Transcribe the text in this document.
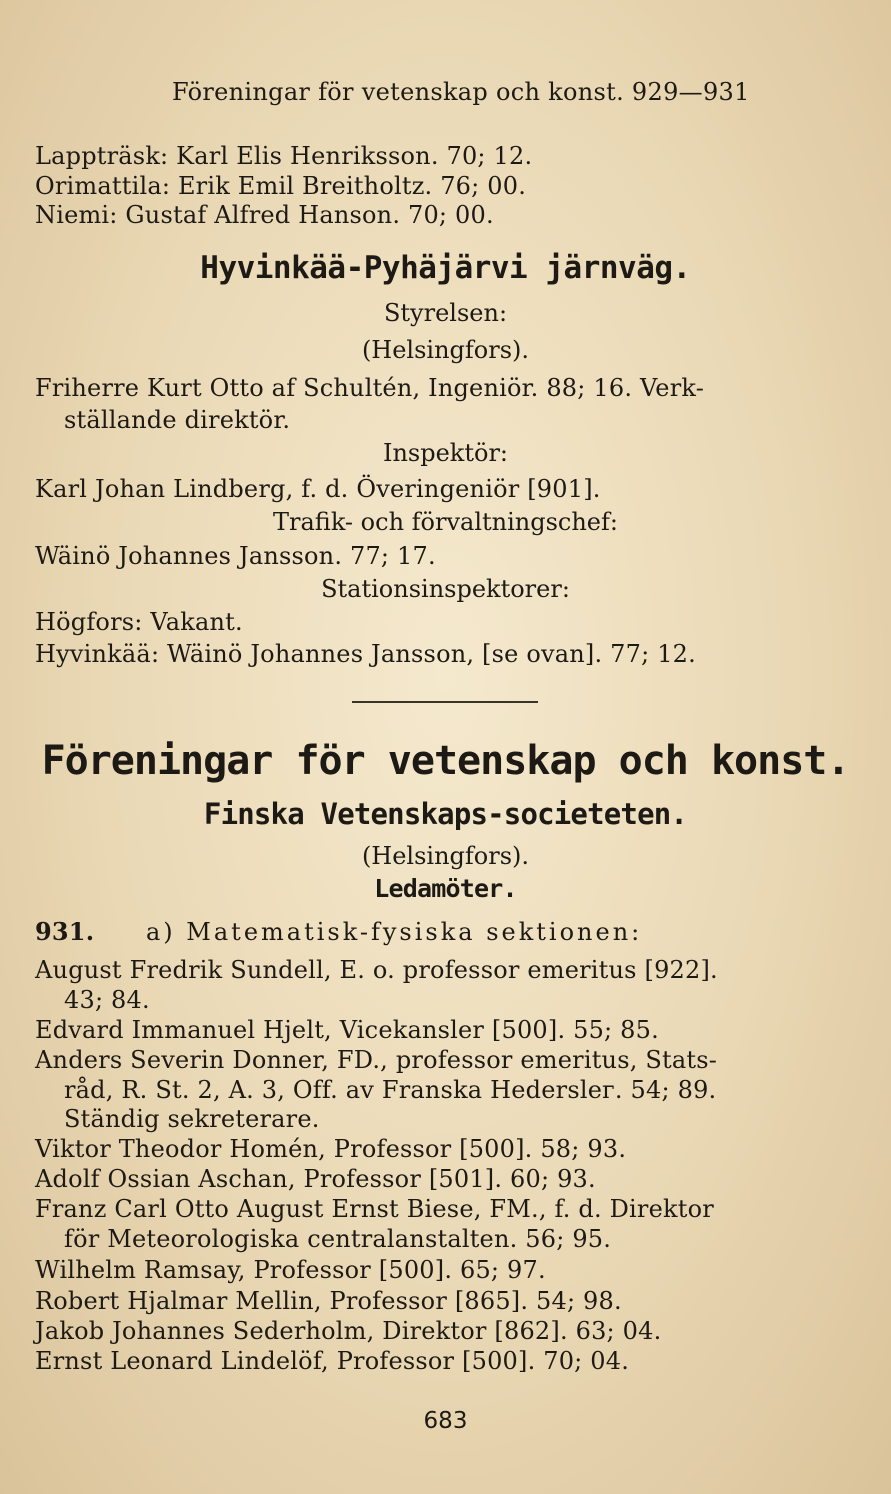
Föreningar för vetenskap och konst. 929—931
Lappträsk: Karl Elis Henriksson. 70; 12.
Orimattila: Erik Emil Breitholtz. 76; 00.
Niemi: Gustaf Alfred Hanson. 70; 00.
Hyvinkää-Pyhäjärvi järnväg.
Styrelsen:
(Helsingfors).
Friherre Kurt Otto af Schultén, Ingeniör. 88; 16. Verk-
ställande direktör.
Inspektör:
Karl Johan Lindberg, f. d. Överingeniör [901].
Trafik- och förvaltningschef:
Wäinö Johannes Jansson. 77; 17.
Stationsinspektorer:
Högfors: Vakant.
Hyvinkää: Wäinö Johannes Jansson, [se ovan]. 77; 12.
Föreningar för vetenskap och konst.
Finska Vetenskaps-societeten.
(Helsingfors).
Ledamöter.
931. a) Matematisk-fysiska sektionen:
August Fredrik Sundell, E. o. professor emeritus [922].
43; 84.
Edvard Immanuel Hjelt, Vicekansler [500]. 55; 85.
Anders Severin Donner, FD., professor emeritus, Stats-
råd, R. St. 2, A. 3, Off. av Franska Hederslег. 54; 89.
Ständig sekreterare.
Viktor Theodor Homén, Professor [500]. 58; 93.
Adolf Ossian Aschan, Professor [501]. 60; 93.
Franz Carl Otto August Ernst Biese, FM., f. d. Direktor
för Meteorologiska centralanstalten. 56; 95.
Wilhelm Ramsay, Professor [500]. 65; 97.
Robert Hjalmar Mellin, Professor [865]. 54; 98.
Jakob Johannes Sederholm, Direktor [862]. 63; 04.
Ernst Leonard Lindelöf, Professor [500]. 70; 04.
683
